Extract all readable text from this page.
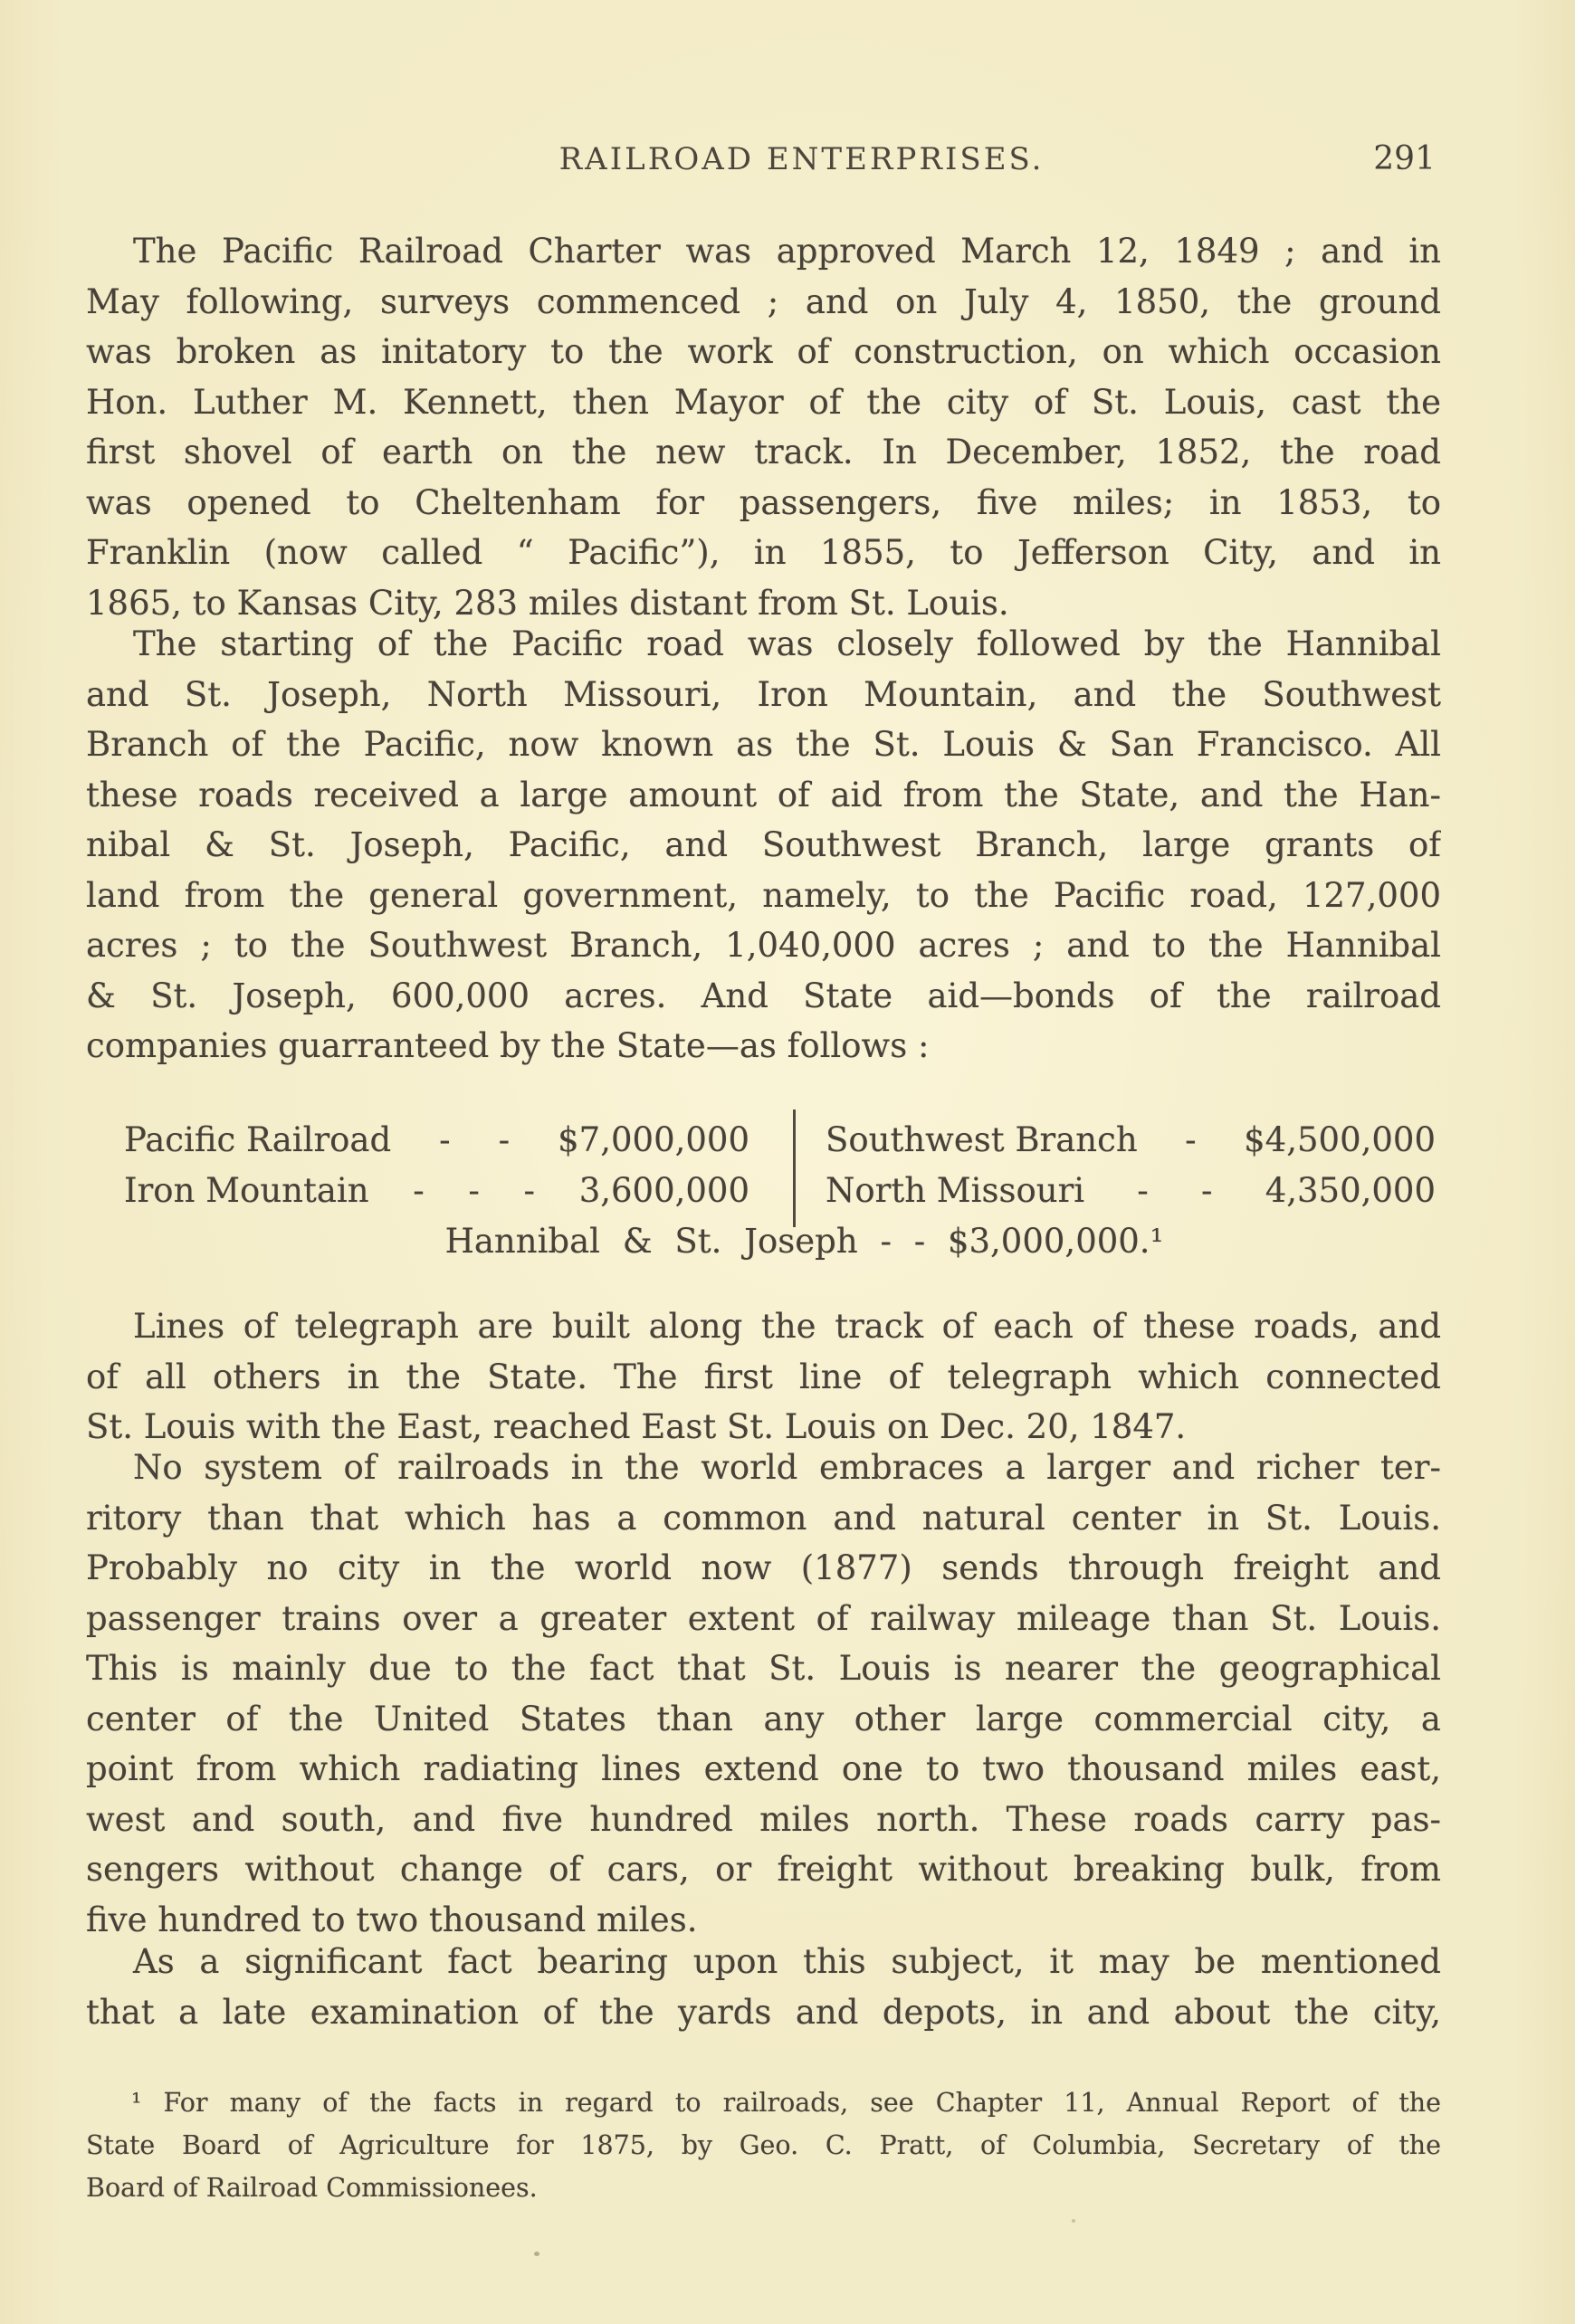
RAILROAD ENTERPRISES.	291
The Pacific Railroad Charter was approved March 12, 1849 ; and in
May following, surveys commenced ; and on July 4, 1850, the ground
was broken as initatory to the work of construction, on which occasion
Hon. Luther M. Kennett, then Mayor of the city of St. Louis, cast the
first shovel of earth on the new track. In December, 1852, the road
was opened to Cheltenham for passengers, five miles; in 1853, to
Franklin (now called “ Pacific”), in 1855, to Jefferson City, and in
1865, to Kansas City, 283 miles distant from St. Louis.
The starting of the Pacific road was closely followed by the Hannibal
and St. Joseph, North Missouri, Iron Mountain, and the Southwest
Branch of the Pacific, now known as the St. Louis & San Francisco. All
these roads received a large amount of aid from the State, and the Han-
nibal & St. Joseph, Pacific, and Southwest Branch, large grants of
land from the general government, namely, to the Pacific road, 127,000
acres ; to the Southwest Branch, 1,040,000 acres ; and to the Hannibal
& St. Joseph, 600,000 acres. And State aid—bonds of the railroad
companies guarranteed by the State—as follows :
Pacific Railroad - - $7,000,000
Iron Mountain - - - 3,600,000
Southwest Branch - $4,500,000
North Missouri - - 4,350,000
Hannibal & St. Joseph - - $3,000,000.¹
Lines of telegraph are built along the track of each of these roads, and
of all others in the State. The first line of telegraph which connected
St. Louis with the East, reached East St. Louis on Dec. 20, 1847.
No system of railroads in the world embraces a larger and richer ter-
ritory than that which has a common and natural center in St. Louis.
Probably no city in the world now (1877) sends through freight and
passenger trains over a greater extent of railway mileage than St. Louis.
This is mainly due to the fact that St. Louis is nearer the geographical
center of the United States than any other large commercial city, a
point from which radiating lines extend one to two thousand miles east,
west and south, and five hundred miles north. These roads carry pas-
sengers without change of cars, or freight without breaking bulk, from
five hundred to two thousand miles.
As a significant fact bearing upon this subject, it may be mentioned
that a late examination of the yards and depots, in and about the city,
¹ For many of the facts in regard to railroads, see Chapter 11, Annual Report of the
State Board of Agriculture for 1875, by Geo. C. Pratt, of Columbia, Secretary of the
Board of Railroad Commissionees.
